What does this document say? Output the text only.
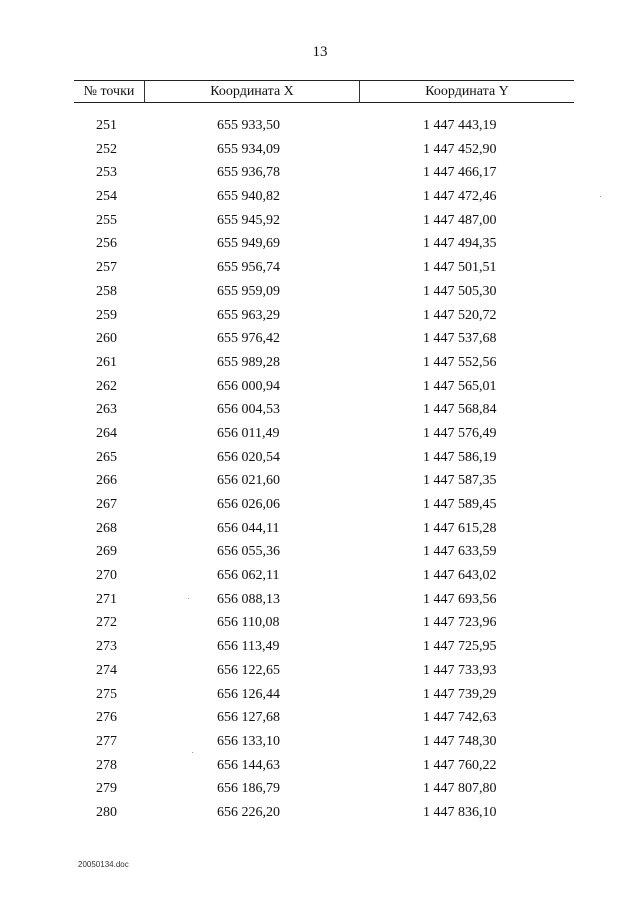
13
№ точки	Координата X	Координата Y
251	655 933,50	1 447 443,19
252	655 934,09	1 447 452,90
253	655 936,78	1 447 466,17
254	655 940,82	1 447 472,46
255	655 945,92	1 447 487,00
256	655 949,69	1 447 494,35
257	655 956,74	1 447 501,51
258	655 959,09	1 447 505,30
259	655 963,29	1 447 520,72
260	655 976,42	1 447 537,68
261	655 989,28	1 447 552,56
262	656 000,94	1 447 565,01
263	656 004,53	1 447 568,84
264	656 011,49	1 447 576,49
265	656 020,54	1 447 586,19
266	656 021,60	1 447 587,35
267	656 026,06	1 447 589,45
268	656 044,11	1 447 615,28
269	656 055,36	1 447 633,59
270	656 062,11	1 447 643,02
271	656 088,13	1 447 693,56
272	656 110,08	1 447 723,96
273	656 113,49	1 447 725,95
274	656 122,65	1 447 733,93
275	656 126,44	1 447 739,29
276	656 127,68	1 447 742,63
277	656 133,10	1 447 748,30
278	656 144,63	1 447 760,22
279	656 186,79	1 447 807,80
280	656 226,20	1 447 836,10
20050134.doc
